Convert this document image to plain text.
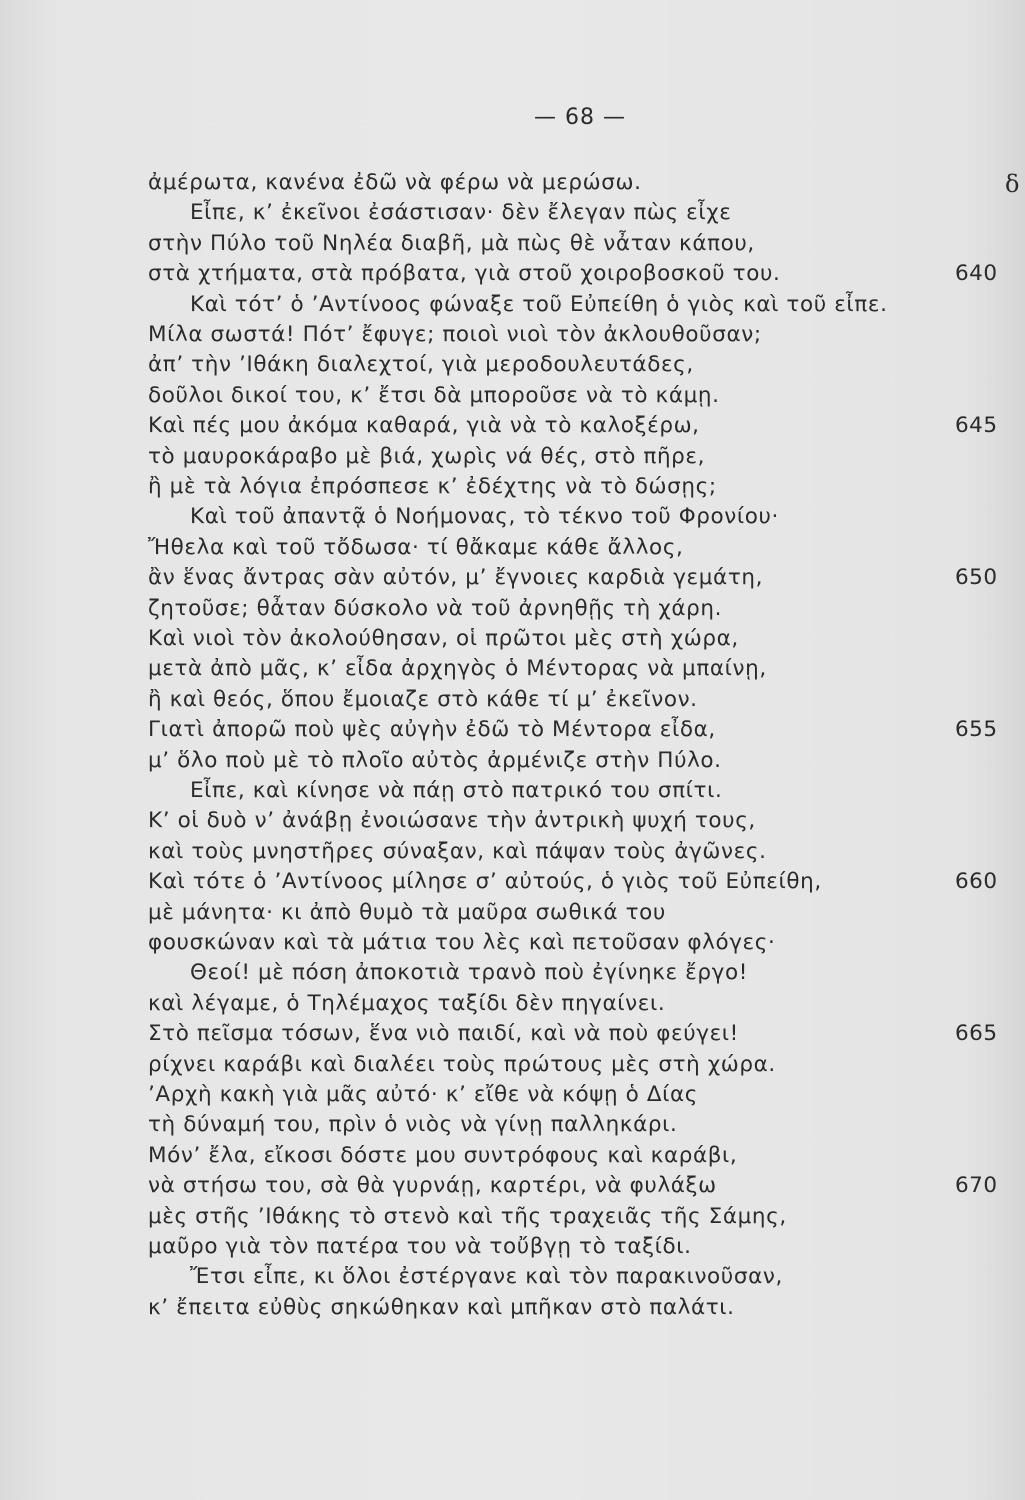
— 68 —
δ
ἀμέρωτα, κανένα ἐδῶ νὰ φέρω νὰ μερώσω.
Εἶπε, κ’ ἐκεῖνοι ἐσάστισαν· δὲν ἔλεγαν πὼς εἶχε
στὴν Πύλο τοῦ Νηλέα διαβῆ, μὰ πὼς θὲ νἆταν κάπου,
στὰ χτήματα, στὰ πρόβατα, γιὰ στοῦ χοιροβοσκοῦ του.	640
Καὶ τότ’ ὁ ’Αντίνοος φώναξε τοῦ Εὐπείθη ὁ γιὸς καὶ τοῦ εἶπε.
Μίλα σωστά! Πότ’ ἔφυγε; ποιοὶ νιοὶ τὸν ἀκλουθοῦσαν;
ἀπ’ τὴν ’Ιθάκη διαλεχτοί, γιὰ μεροδουλευτάδες,
δοῦλοι δικοί του, κ’ ἔτσι δὰ μποροῦσε νὰ τὸ κάμῃ.
Καὶ πές μου ἀκόμα καθαρά, γιὰ νὰ τὸ καλοξέρω,	645
τὸ μαυροκάραβο μὲ βιά, χωρὶς νά θές, στὸ πῆρε,
ἢ μὲ τὰ λόγια ἐπρόσπεσε κ’ ἐδέχτης νὰ τὸ δώσῃς;
Καὶ τοῦ ἀπαντᾷ ὁ Νοήμονας, τὸ τέκνο τοῦ Φρονίου·
Ἤθελα καὶ τοῦ τὄδωσα· τί θἄκαμε κάθε ἄλλος,
ἂν ἕνας ἄντρας σὰν αὐτόν, μ’ ἔγνοιες καρδιὰ γεμάτη,	650
ζητοῦσε; θἆταν δύσκολο νὰ τοῦ ἀρνηθῇς τὴ χάρη.
Καὶ νιοὶ τὸν ἀκολούθησαν, οἱ πρῶτοι μὲς στὴ χώρα,
μετὰ ἀπὸ μᾶς, κ’ εἶδα ἀρχηγὸς ὁ Μέντορας νὰ μπαίνῃ,
ἢ καὶ θεός, ὅπου ἔμοιαζε στὸ κάθε τί μ’ ἐκεῖνον.
Γιατὶ ἀπορῶ ποὺ ψὲς αὐγὴν ἐδῶ τὸ Μέντορα εἶδα,	655
μ’ ὅλο ποὺ μὲ τὸ πλοῖο αὐτὸς ἀρμένιζε στὴν Πύλο.
Εἶπε, καὶ κίνησε νὰ πάῃ στὸ πατρικό του σπίτι.
Κ’ οἱ δυὸ ν’ ἀνάβῃ ἐνοιώσανε τὴν ἀντρικὴ ψυχή τους,
καὶ τοὺς μνηστῆρες σύναξαν, καὶ πάψαν τοὺς ἀγῶνες.
Καὶ τότε ὁ ’Αντίνοος μίλησε σ’ αὐτούς, ὁ γιὸς τοῦ Εὐπείθη,	660
μὲ μάνητα· κι ἀπὸ θυμὸ τὰ μαῦρα σωθικά του
φουσκώναν καὶ τὰ μάτια του λὲς καὶ πετοῦσαν φλόγες·
Θεοί! μὲ πόση ἀποκοτιὰ τρανὸ ποὺ ἐγίνηκε ἔργο!
καὶ λέγαμε, ὁ Τηλέμαχος ταξίδι δὲν πηγαίνει.
Στὸ πεῖσμα τόσων, ἕνα νιὸ παιδί, καὶ νὰ ποὺ φεύγει!	665
ρίχνει καράβι καὶ διαλέει τοὺς πρώτους μὲς στὴ χώρα.
’Αρχὴ κακὴ γιὰ μᾶς αὐτό· κ’ εἴθε νὰ κόψῃ ὁ Δίας
τὴ δύναμή του, πρὶν ὁ νιὸς νὰ γίνῃ παλληκάρι.
Μόν’ ἔλα, εἴκοσι δόστε μου συντρόφους καὶ καράβι,
νὰ στήσω του, σὰ θὰ γυρνάῃ, καρτέρι, νὰ φυλάξω	670
μὲς στῆς ’Ιθάκης τὸ στενὸ καὶ τῆς τραχειᾶς τῆς Σάμης,
μαῦρο γιὰ τὸν πατέρα του νὰ τοὔβγῃ τὸ ταξίδι.
Ἔτσι εἶπε, κι ὅλοι ἐστέργανε καὶ τὸν παρακινοῦσαν,
κ’ ἔπειτα εὐθὺς σηκώθηκαν καὶ μπῆκαν στὸ παλάτι.
